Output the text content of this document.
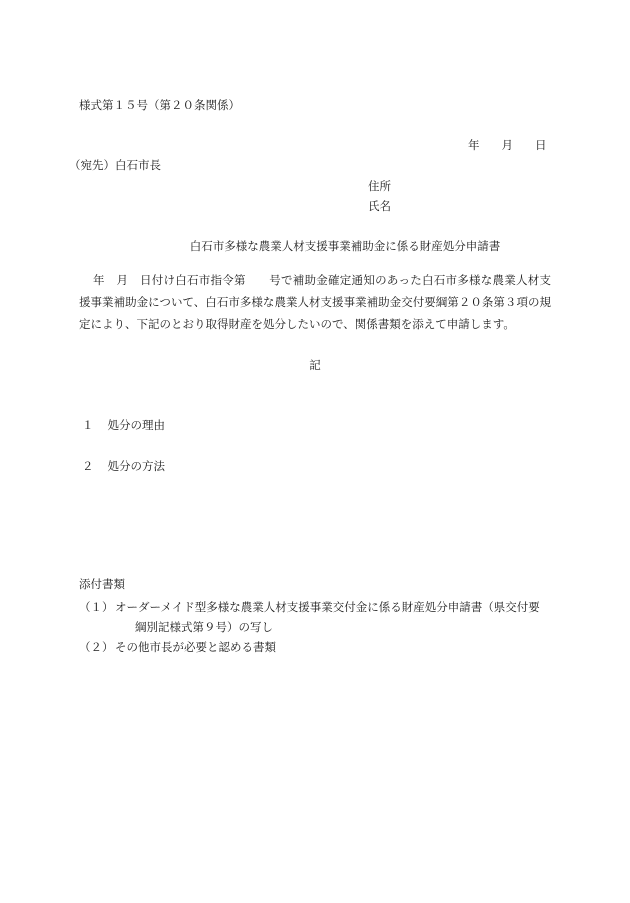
様式第１５号（第２０条関係）
年 月 日
（宛先）白石市長
住所
氏名
白石市多様な農業人材支援事業補助金に係る財産処分申請書
年　月　日付け白石市指令第　　号で補助金確定通知のあった白石市多様な農業人材支援事業補助金について、白石市多様な農業人材支援事業補助金交付要綱第２０条第３項の規定により、下記のとおり取得財産を処分したいので、関係書類を添えて申請します。
記
１ 処分の理由
２ 処分の方法
添付書類
（１） オーダーメイド型多様な農業人材支援事業交付金に係る財産処分申請書（県交付要
綱別記様式第９号）の写し
（２） その他市長が必要と認める書類
